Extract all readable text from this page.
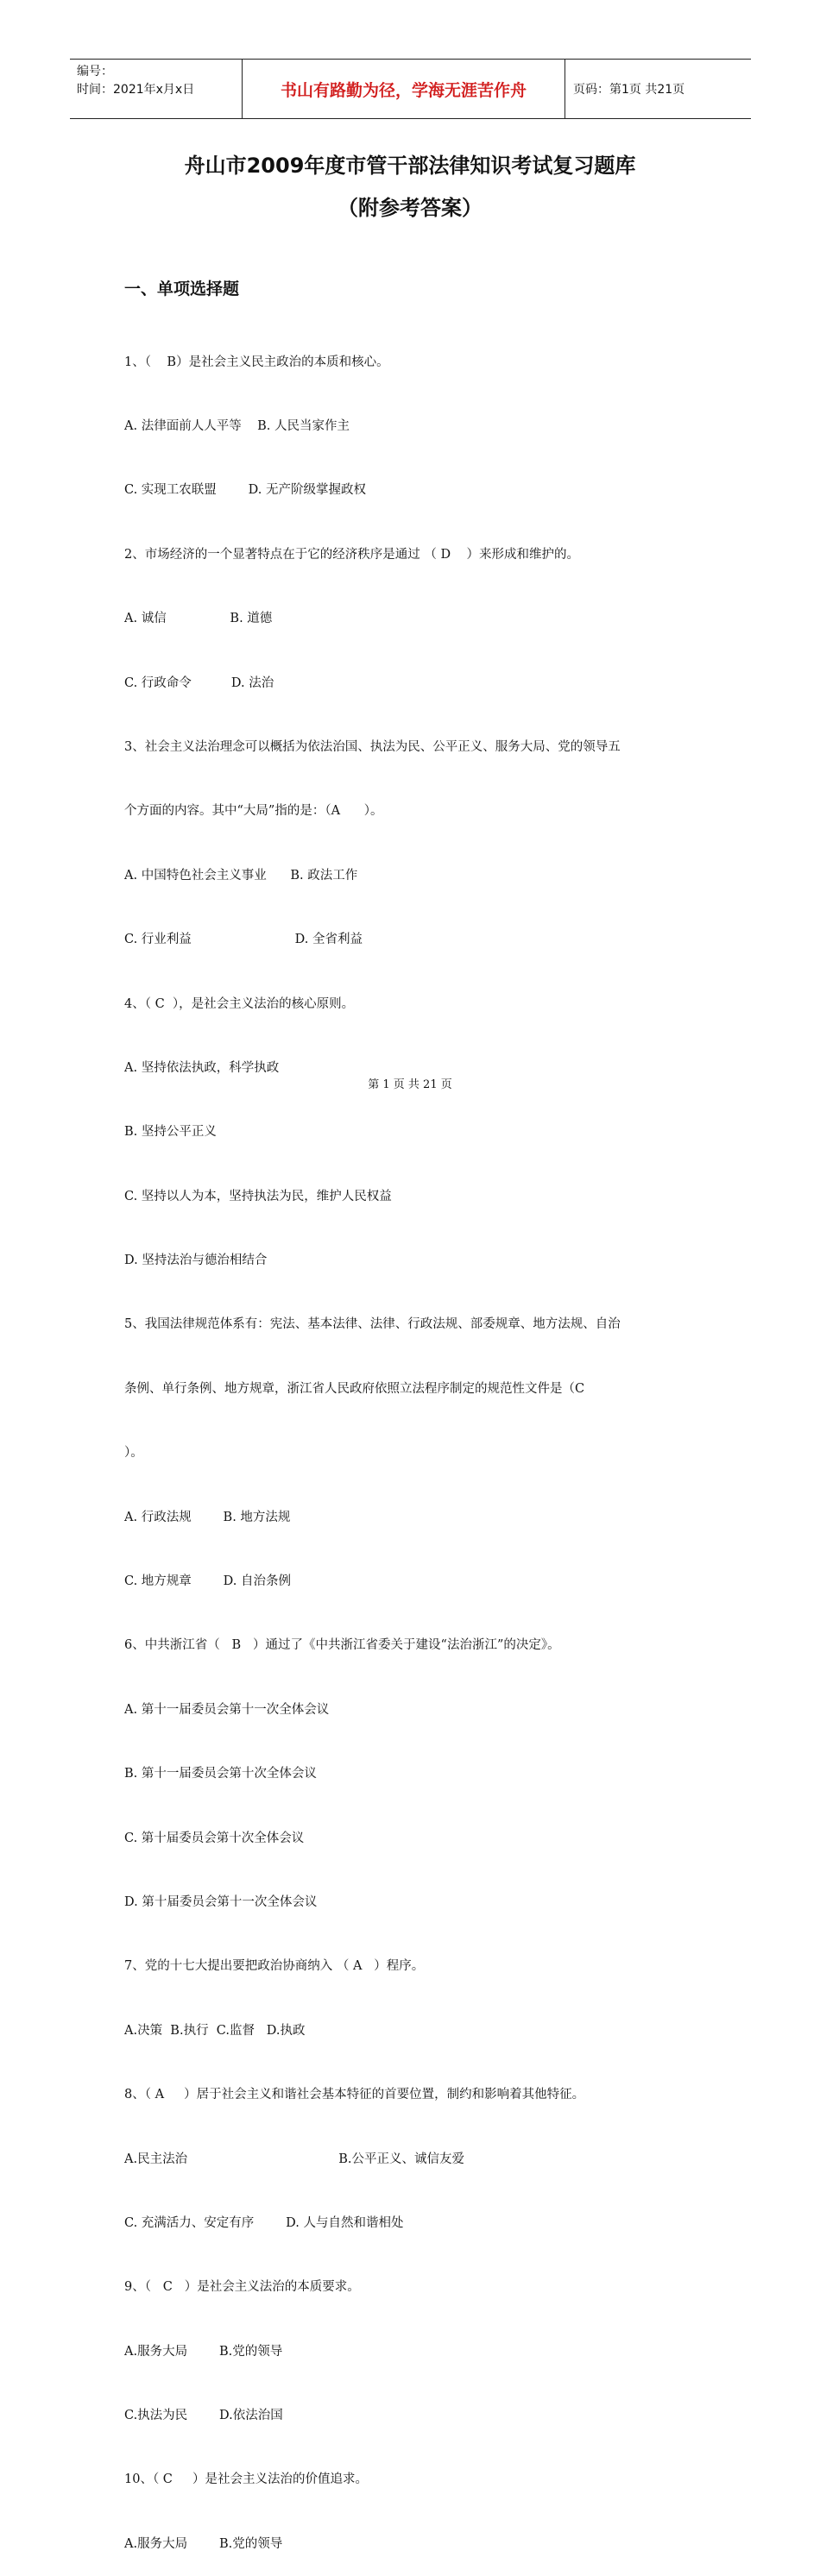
编号：
时间：2021年x月x日	书山有路勤为径，学海无涯苦作舟	页码：第1页 共21页
舟山市2009年度市管干部法律知识考试复习题库
（附参考答案）
一、单项选择题

1、（    B）是社会主义民主政治的本质和核心。

A. 法律面前人人平等    B. 人民当家作主

C. 实现工农联盟        D. 无产阶级掌握政权

2、市场经济的一个显著特点在于它的经济秩序是通过 （ D    ）来形成和维护的。

A. 诚信                B. 道德

C. 行政命令          D. 法治

3、社会主义法治理念可以概括为依法治国、执法为民、公平正义、服务大局、党的领导五

个方面的内容。其中“大局”指的是：（A      ）。

A. 中国特色社会主义事业      B. 政法工作

C. 行业利益                          D. 全省利益

4、（ C  ），是社会主义法治的核心原则。

A. 坚持依法执政，科学执政

B. 坚持公平正义

C. 坚持以人为本，坚持执法为民，维护人民权益

D. 坚持法治与德治相结合

5、我国法律规范体系有：宪法、基本法律、法律、行政法规、部委规章、地方法规、自治

条例、单行条例、地方规章，浙江省人民政府依照立法程序制定的规范性文件是（C

）。

A. 行政法规        B. 地方法规

C. 地方规章        D. 自治条例

6、中共浙江省（   B   ）通过了《中共浙江省委关于建设“法治浙江”的决定》。

A. 第十一届委员会第十一次全体会议

B. 第十一届委员会第十次全体会议

C. 第十届委员会第十次全体会议

D. 第十届委员会第十一次全体会议

7、党的十七大提出要把政治协商纳入 （ A   ）程序。

A.决策  B.执行  C.监督   D.执政

8、（ A     ）居于社会主义和谐社会基本特征的首要位置，制约和影响着其他特征。

A.民主法治                                      B.公平正义、诚信友爱

C. 充满活力、安定有序        D. 人与自然和谐相处

9、（   C   ）是社会主义法治的本质要求。

A.服务大局        B.党的领导

C.执法为民        D.依法治国

10、（ C     ）是社会主义法治的价值追求。

A.服务大局        B.党的领导

第 1 页 共 21 页
